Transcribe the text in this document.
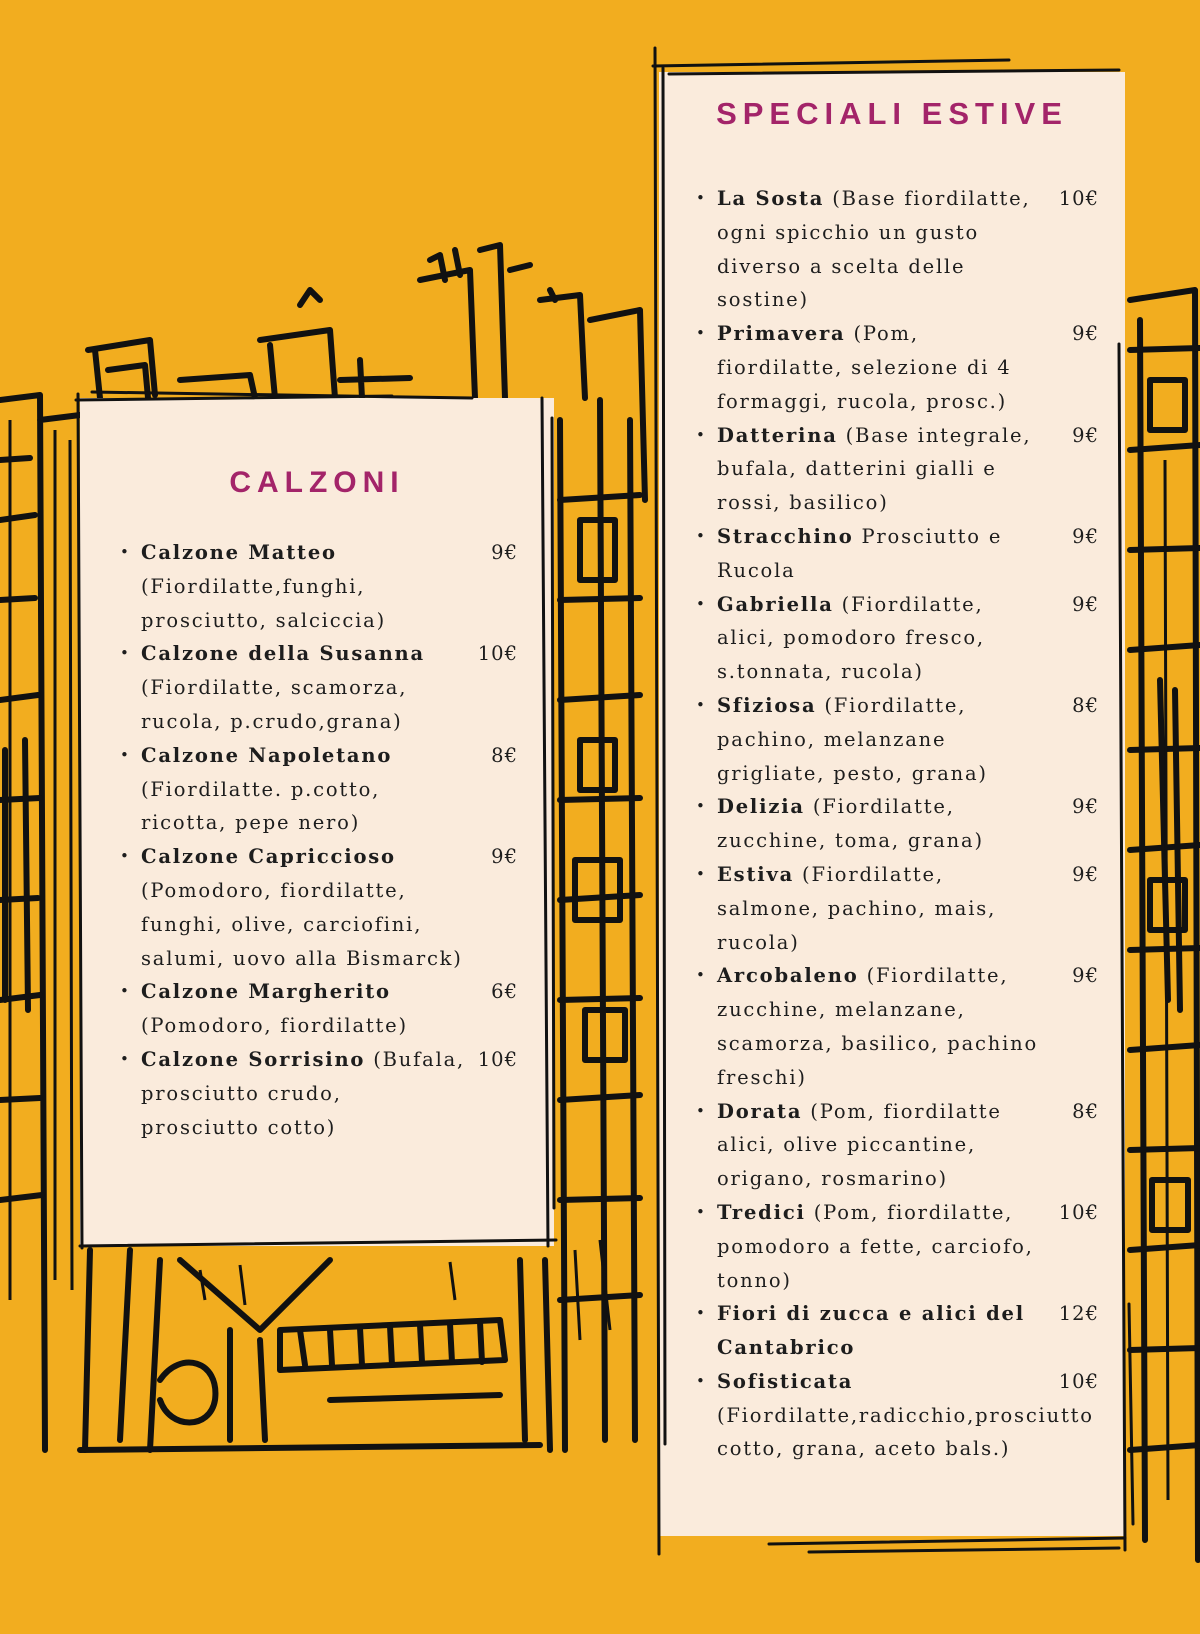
CALZONI
• Calzone Matteo (Fiordilatte,funghi, prosciutto, salciccia)
9€
• Calzone della Susanna (Fiordilatte, scamorza, rucola, p.crudo,grana)
10€
• Calzone Napoletano (Fiordilatte. p.cotto, ricotta, pepe nero)
8€
• Calzone Capriccioso (Pomodoro, fiordilatte, funghi, olive, carciofini, salumi, uovo alla Bismarck)
9€
• Calzone Margherito (Pomodoro, fiordilatte)
6€
• Calzone Sorrisino (Bufala, prosciutto crudo, prosciutto cotto)
10€
SPECIALI ESTIVE
• La Sosta (Base fiordilatte, ogni spicchio un gusto diverso a scelta delle sostine)
10€
• Primavera (Pom, fiordilatte, selezione di 4 formaggi, rucola, prosc.)
9€
• Datterina (Base integrale, bufala, datterini gialli e rossi, basilico)
9€
• Stracchino Prosciutto e Rucola
9€
• Gabriella (Fiordilatte, alici, pomodoro fresco, s.tonnata, rucola)
9€
• Sfiziosa (Fiordilatte, pachino, melanzane grigliate, pesto, grana)
8€
• Delizia (Fiordilatte, zucchine, toma, grana)
9€
• Estiva (Fiordilatte, salmone, pachino, mais, rucola)
9€
• Arcobaleno (Fiordilatte, zucchine, melanzane, scamorza, basilico, pachino freschi)
9€
• Dorata (Pom, fiordilatte alici, olive piccantine, origano, rosmarino)
8€
• Tredici (Pom, fiordilatte, pomodoro a fette, carciofo, tonno)
10€
• Fiori di zucca e alici del Cantabrico
12€
• Sofisticata (Fiordilatte,radicchio,prosciutto cotto, grana, aceto bals.)
10€
